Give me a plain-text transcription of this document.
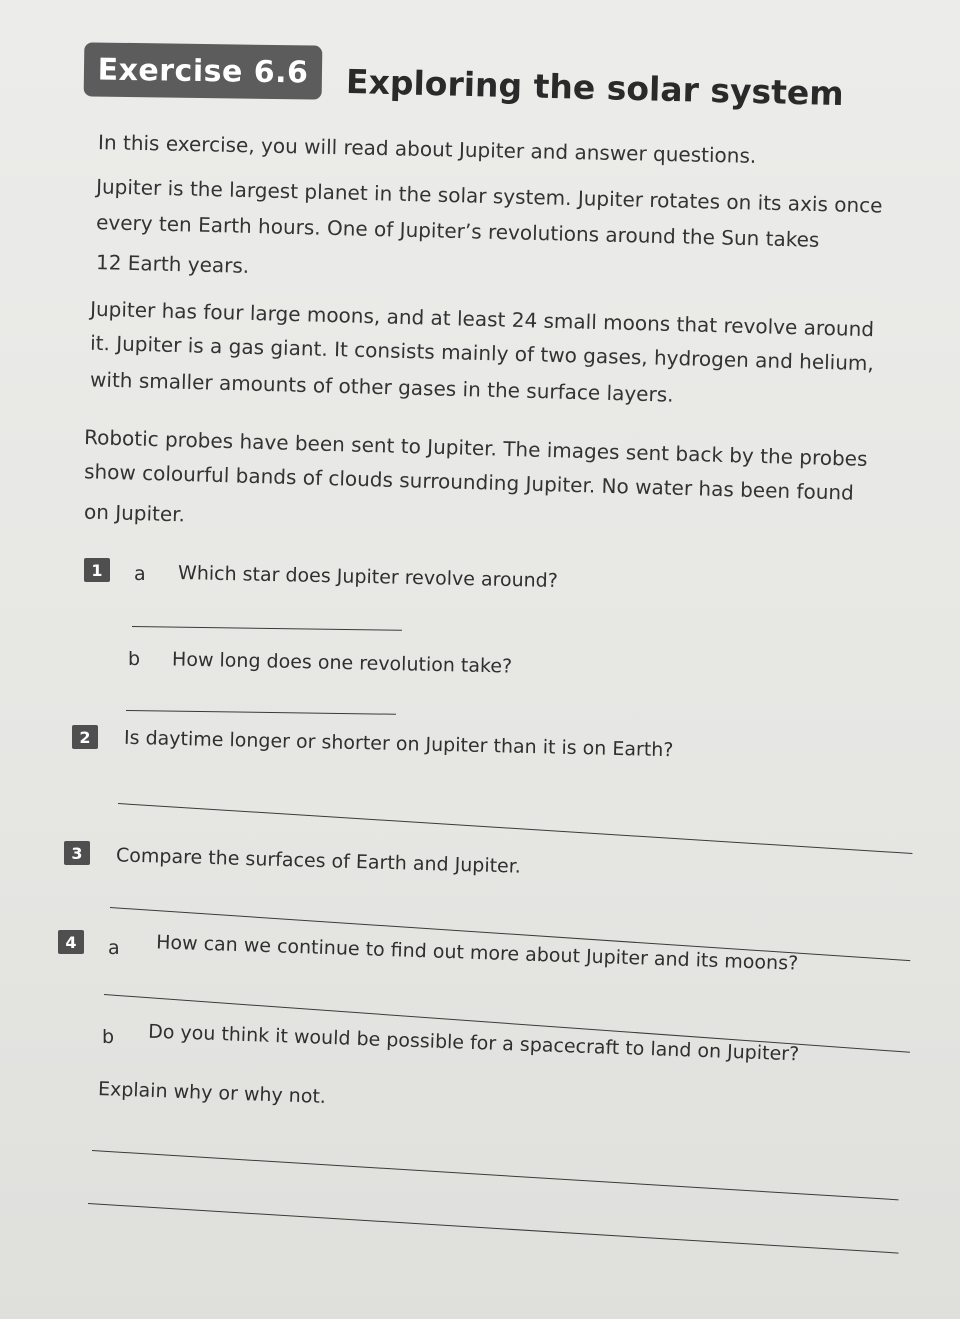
Exercise 6.6 Exploring the solar system
In this exercise, you will read about Jupiter and answer questions.
Jupiter is the largest planet in the solar system. Jupiter rotates on its axis once
every ten Earth hours. One of Jupiter’s revolutions around the Sun takes
12 Earth years.
Jupiter has four large moons, and at least 24 small moons that revolve around
it. Jupiter is a gas giant. It consists mainly of two gases, hydrogen and helium,
with smaller amounts of other gases in the surface layers.
Robotic probes have been sent to Jupiter. The images sent back by the probes
show colourful bands of clouds surrounding Jupiter. No water has been found
on Jupiter.
1	a Which star does Jupiter revolve around?
b How long does one revolution take?
2	Is daytime longer or shorter on Jupiter than it is on Earth?
3	Compare the surfaces of Earth and Jupiter.
4	a How can we continue to find out more about Jupiter and its moons?
b Do you think it would be possible for a spacecraft to land on Jupiter?
Explain why or why not.
